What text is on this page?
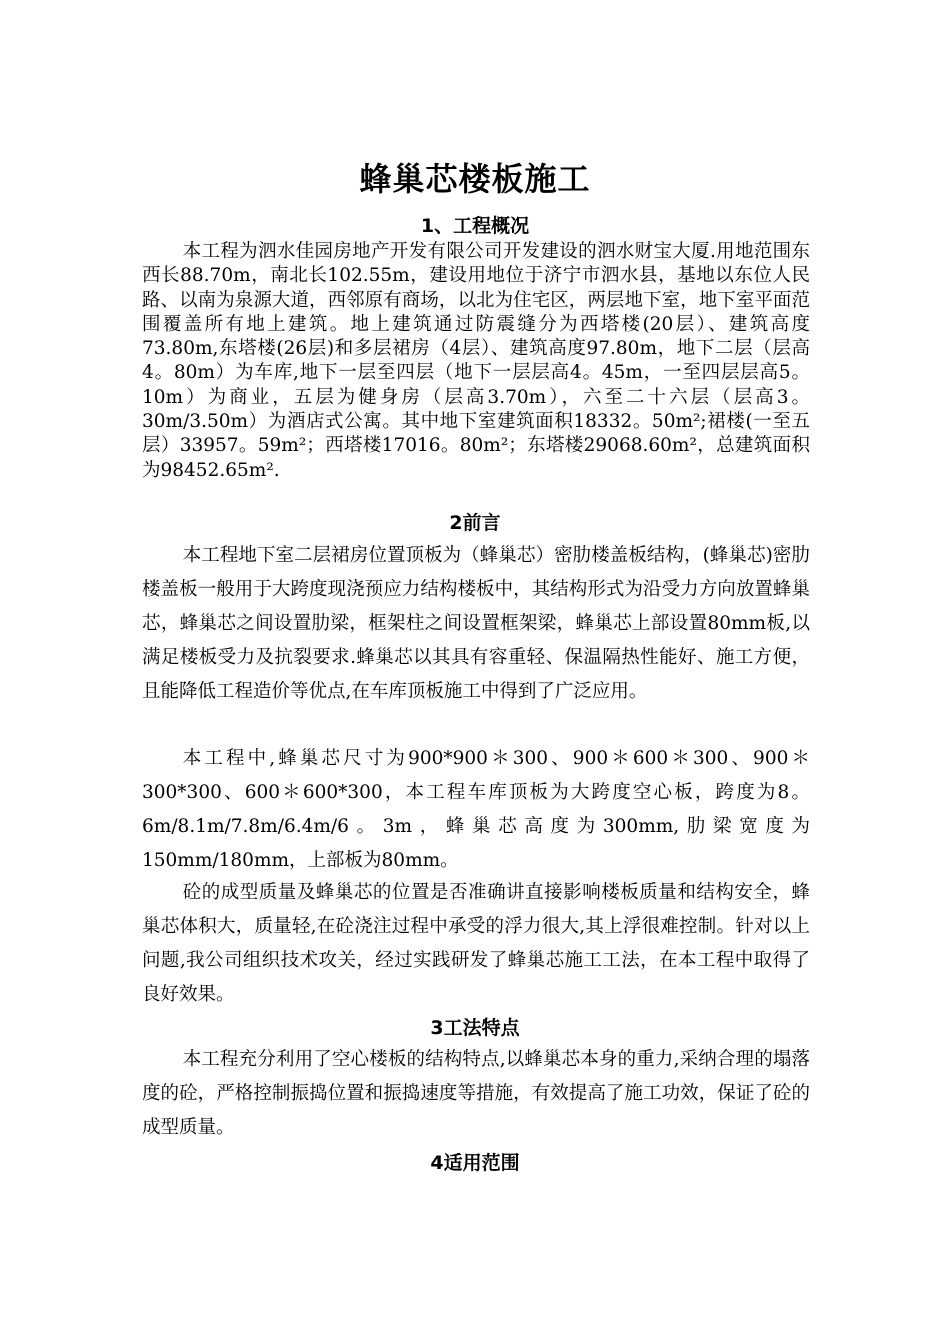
蜂巢芯楼板施工
1、工程概况

本工程为泗水佳园房地产开发有限公司开发建设的泗水财宝大厦.用地范围东西长88.70m，南北长102.55m，建设用地位于济宁市泗水县，基地以东位人民路、以南为泉源大道，西邻原有商场，以北为住宅区，两层地下室，地下室平面范围覆盖所有地上建筑。地上建筑通过防震缝分为西塔楼(20层）、建筑高度73.80m,东塔楼(26层)和多层裙房（4层）、建筑高度97.80m，地下二层（层高4。80m）为车库,地下一层至四层（地下一层层高4。45m，一至四层层高5。10m）为商业，五层为健身房（层高3.70m），六至二十六层（层高3。30m/3.50m）为酒店式公寓。其中地下室建筑面积18332。50m²;裙楼(一至五层）33957。59m²；西塔楼17016。80m²；东塔楼29068.60m²，总建筑面积为98452.65m².

2前言

本工程地下室二层裙房位置顶板为（蜂巢芯）密肋楼盖板结构，(蜂巢芯)密肋楼盖板一般用于大跨度现浇预应力结构楼板中，其结构形式为沿受力方向放置蜂巢芯，蜂巢芯之间设置肋梁，框架柱之间设置框架梁，蜂巢芯上部设置80mm板,以满足楼板受力及抗裂要求.蜂巢芯以其具有容重轻、保温隔热性能好、施工方便，且能降低工程造价等优点,在车库顶板施工中得到了广泛应用。

本工程中,蜂巢芯尺寸为900*900＊300、900＊600＊300、900＊300*300、600＊600*300，本工程车库顶板为大跨度空心板，跨度为8。6m/8.1m/7.8m/6.4m/6。3m，蜂巢芯高度为300mm,肋梁宽度为150mm/180mm，上部板为80mm。

砼的成型质量及蜂巢芯的位置是否准确讲直接影响楼板质量和结构安全，蜂巢芯体积大，质量轻,在砼浇注过程中承受的浮力很大,其上浮很难控制。针对以上问题,我公司组织技术攻关，经过实践研发了蜂巢芯施工工法，在本工程中取得了良好效果。

3工法特点

本工程充分利用了空心楼板的结构特点,以蜂巢芯本身的重力,采纳合理的塌落度的砼，严格控制振捣位置和振捣速度等措施，有效提高了施工功效，保证了砼的成型质量。

4适用范围
